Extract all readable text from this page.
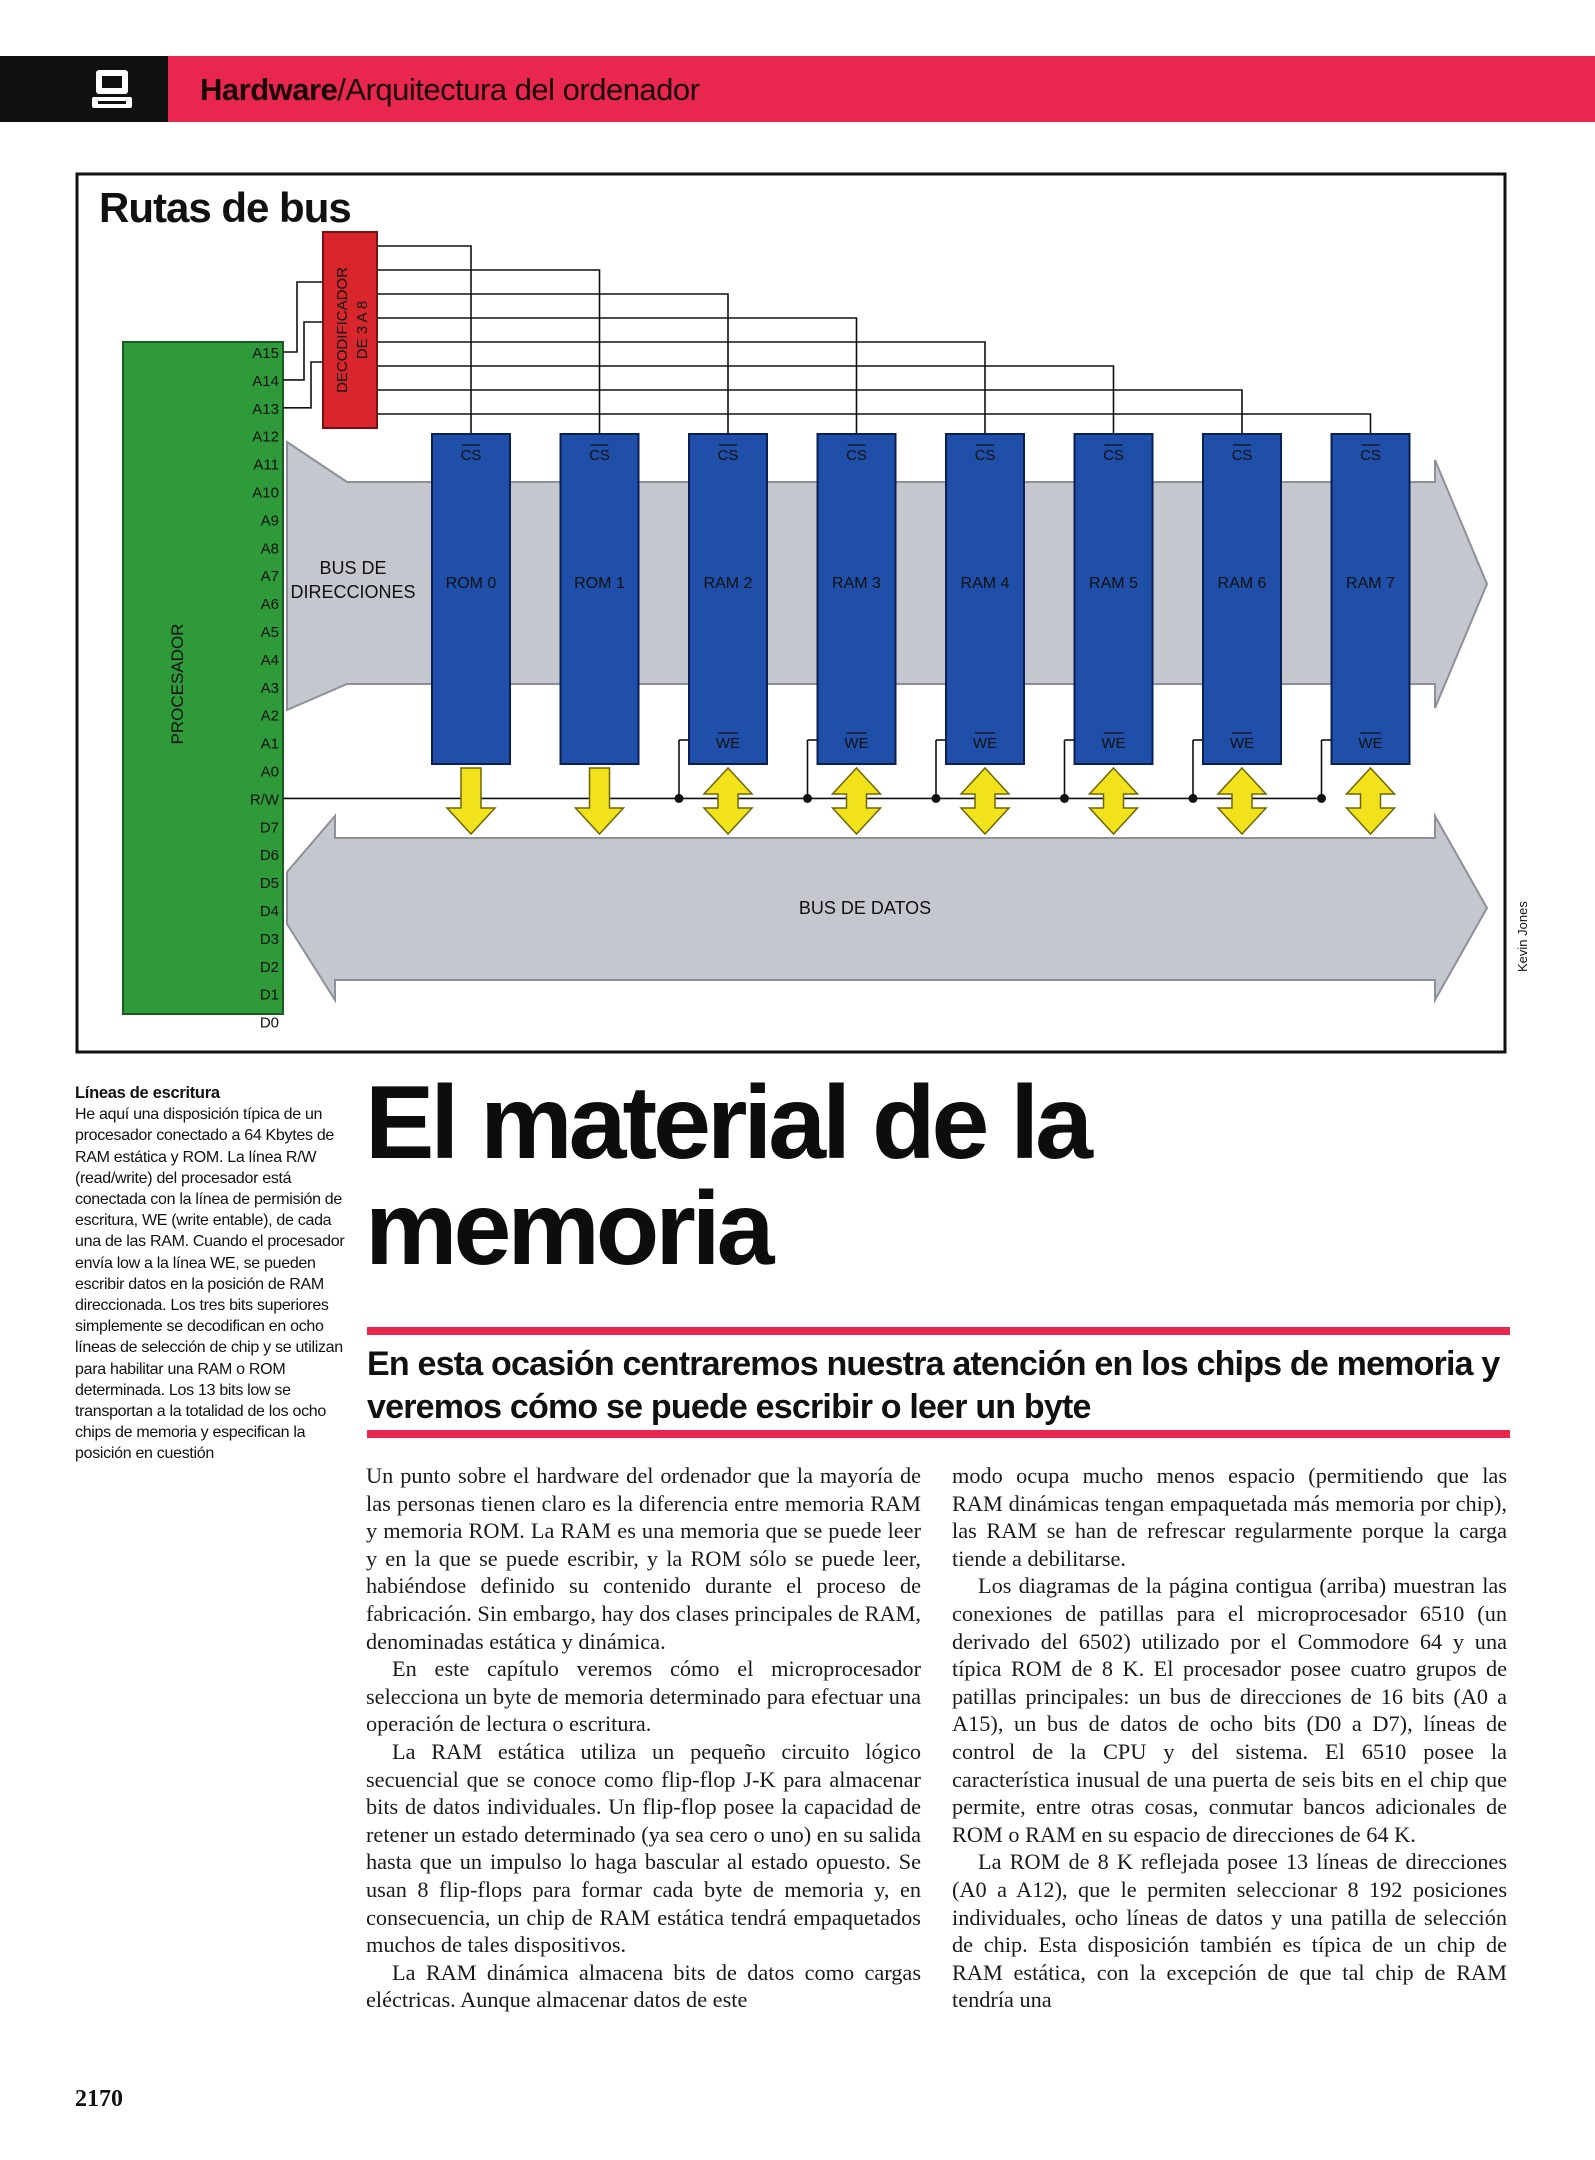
Hardware/Arquitectura del ordenador
Rutas de bus
BUS DE
DIRECCIONES
BUS DE DATOS
PROCESADOR
A15
A14
A13
A12
A11
A10
A9
A8
A7
A6
A5
A4
A3
A2
A1
A0
R/W
D7
D6
D5
D4
D3
D2
D1
D0
DECODIFICADOR DE 3 A 8
CS
ROM 0
CS
ROM 1
CS
RAM 2
WE
CS
RAM 3
WE
CS
RAM 4
WE
CS
RAM 5
WE
CS
RAM 6
WE
CS
RAM 7
WE
Kevin Jones
Líneas de escritura
He aquí una disposición típica de un procesador conectado a 64 Kbytes de RAM estática y ROM. La línea R/W (read/write) del procesador está conectada con la línea de permisión de escritura, WE (write entable), de cada una de las RAM. Cuando el procesador envía low a la línea WE, se pueden escribir datos en la posición de RAM direccionada. Los tres bits superiores simplemente se decodifican en ocho líneas de selección de chip y se utilizan para habilitar una RAM o ROM determinada. Los 13 bits low se transportan a la totalidad de los ocho chips de memoria y especifican la posición en cuestión
El material de la
memoria
En esta ocasión centraremos nuestra atención en los chips de memoria y veremos cómo se puede escribir o leer un byte

Un punto sobre el hardware del ordenador que la mayoría de las personas tienen claro es la diferencia entre memoria RAM y memoria ROM. La RAM es una memoria que se puede leer y en la que se puede escribir, y la ROM sólo se puede leer, habiéndose definido su contenido durante el proceso de fabricación. Sin embargo, hay dos clases principales de RAM, denominadas estática y dinámica.

En este capítulo veremos cómo el microprocesador selecciona un byte de memoria determinado para efectuar una operación de lectura o escritura.

La RAM estática utiliza un pequeño circuito lógico secuencial que se conoce como flip-flop J-K para almacenar bits de datos individuales. Un flip-flop posee la capacidad de retener un estado determinado (ya sea cero o uno) en su salida hasta que un impulso lo haga bascular al estado opuesto. Se usan 8 flip-flops para formar cada byte de memoria y, en consecuencia, un chip de RAM estática tendrá empaquetados muchos de tales dispositivos.

La RAM dinámica almacena bits de datos como cargas eléctricas. Aunque almacenar datos de este

modo ocupa mucho menos espacio (permitiendo que las RAM dinámicas tengan empaquetada más memoria por chip), las RAM se han de refrescar regularmente porque la carga tiende a debilitarse.

Los diagramas de la página contigua (arriba) muestran las conexiones de patillas para el microprocesador 6510 (un derivado del 6502) utilizado por el Commodore 64 y una típica ROM de 8 K. El procesador posee cuatro grupos de patillas principales: un bus de direcciones de 16 bits (A0 a A15), un bus de datos de ocho bits (D0 a D7), líneas de control de la CPU y del sistema. El 6510 posee la característica inusual de una puerta de seis bits en el chip que permite, entre otras cosas, conmutar bancos adicionales de ROM o RAM en su espacio de direcciones de 64 K.

La ROM de 8 K reflejada posee 13 líneas de direcciones (A0 a A12), que le permiten seleccionar 8 192 posiciones individuales, ocho líneas de datos y una patilla de selección de chip. Esta disposición también es típica de un chip de RAM estática, con la excepción de que tal chip de RAM tendría una

2170
